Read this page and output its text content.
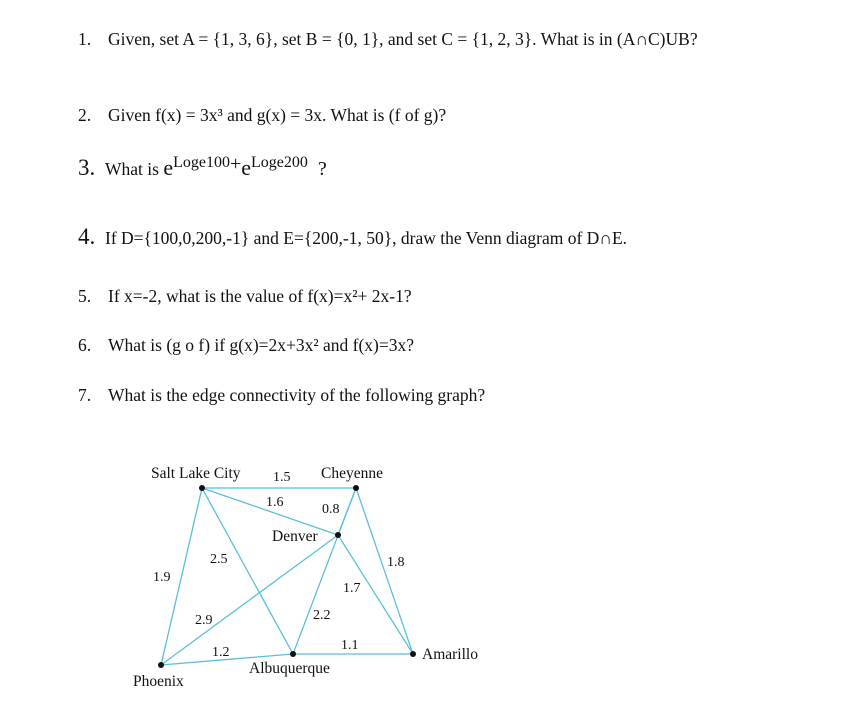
1. Given, set A = {1, 3, 6}, set B = {0, 1}, and set C = {1, 2, 3}. What is in (A∩C)UB?
2. Given f(x) = 3x³ and g(x) = 3x. What is (f of g)?
3. What is eLoge100+eLoge200 ?
4. If D={100,0,200,-1} and E={200,-1, 50}, draw the Venn diagram of D∩E.
5. If x=-2, what is the value of f(x)=x²+ 2x-1?
6. What is (g o f) if g(x)=2x+3x² and f(x)=3x?
7. What is the edge connectivity of the following graph?
Salt Lake City	Cheyenne
Denver
Phoenix
Albuquerque
Amarillo
1.5
1.6	0.8
1.9
2.5	1.8
1.7
2.9	2.2
1.2	1.1
